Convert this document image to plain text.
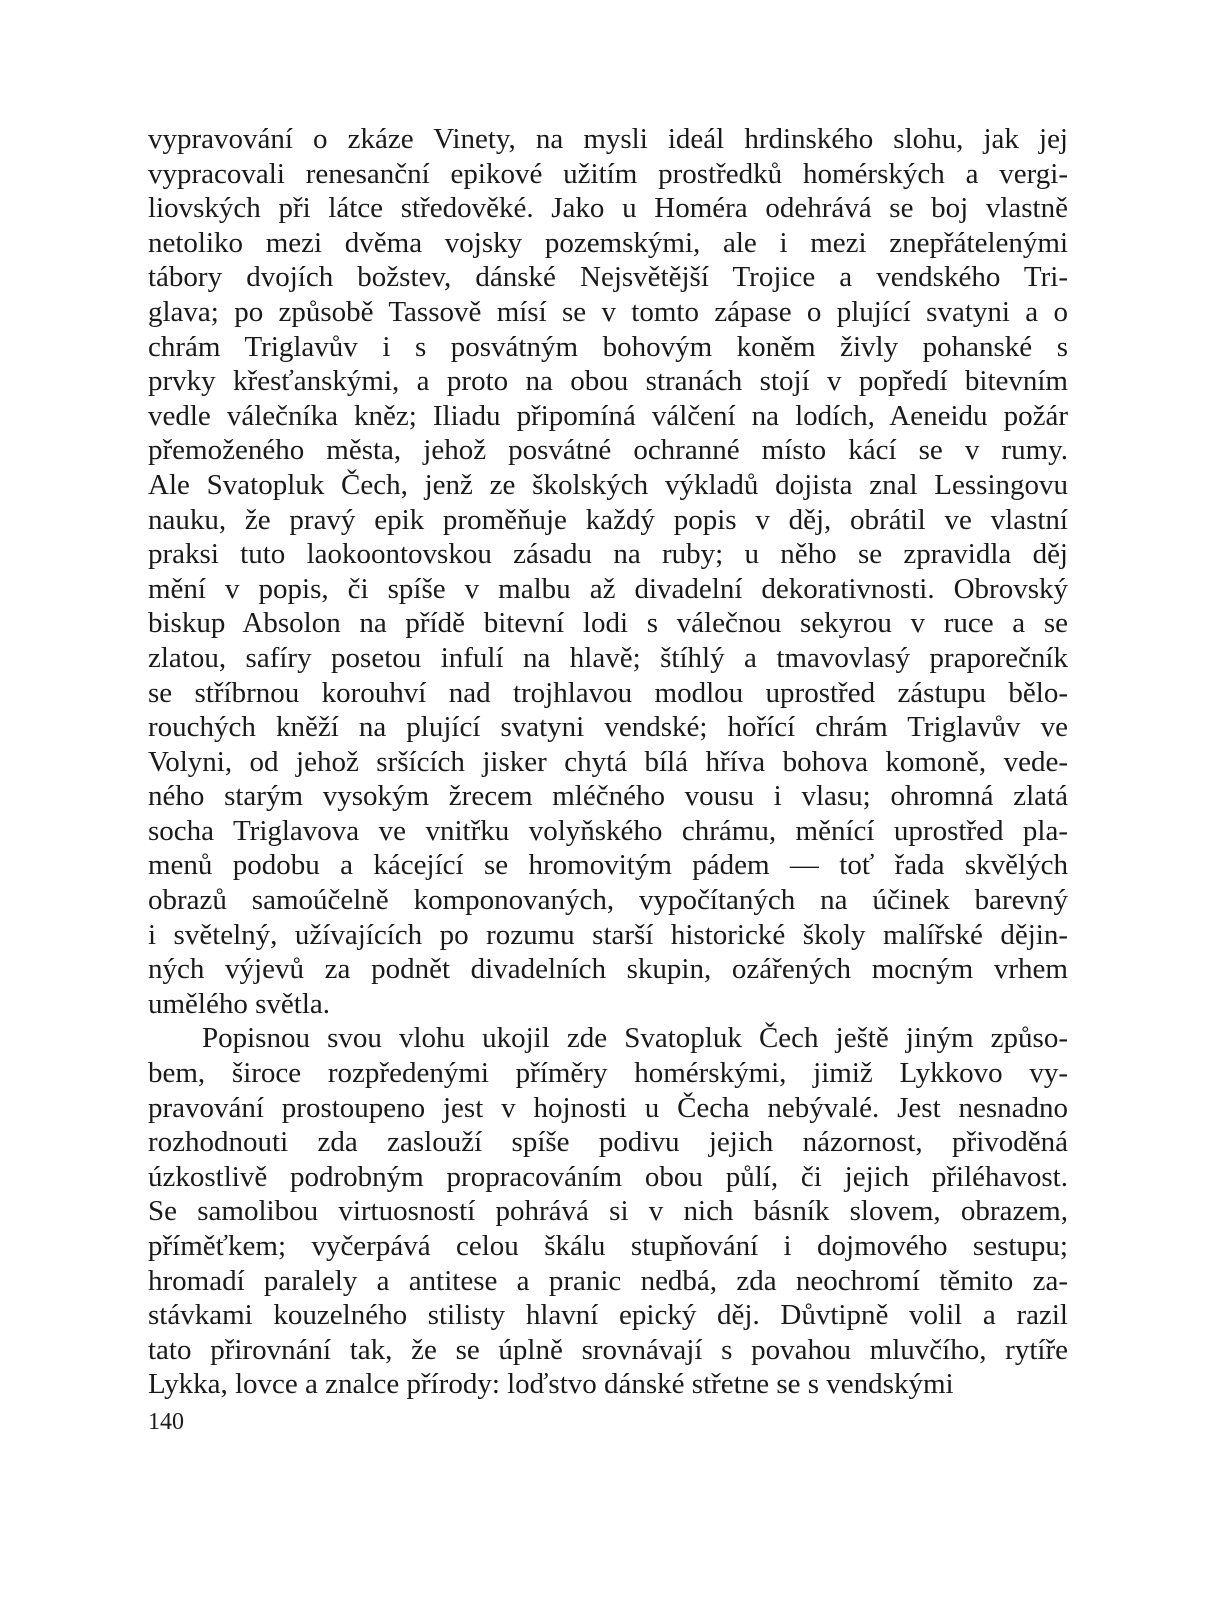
vypravování o zkáze Vinety, na mysli ideál hrdinského slohu, jak jej
vypracovali renesanční epikové užitím prostředků homérských a vergi-
liovských při látce středověké. Jako u Homéra odehrává se boj vlastně
netoliko mezi dvěma vojsky pozemskými, ale i mezi znepřátelenými
tábory dvojích božstev, dánské Nejsvětější Trojice a vendského Tri-
glava; po způsobě Tassově mísí se v tomto zápase o plující svatyni a o
chrám Triglavův i s posvátným bohovým koněm živly pohanské s
prvky křesťanskými, a proto na obou stranách stojí v popředí bitevním
vedle válečníka kněz; Iliadu připomíná válčení na lodích, Aeneidu požár
přemoženého města, jehož posvátné ochranné místo kácí se v rumy.
Ale Svatopluk Čech, jenž ze školských výkladů dojista znal Lessingovu
nauku, že pravý epik proměňuje každý popis v děj, obrátil ve vlastní
praksi tuto laokoontovskou zásadu na ruby; u něho se zpravidla děj
mění v popis, či spíše v malbu až divadelní dekorativnosti. Obrovský
biskup Absolon na přídě bitevní lodi s válečnou sekyrou v ruce a se
zlatou, safíry posetou infulí na hlavě; štíhlý a tmavovlasý praporečník
se stříbrnou korouhví nad trojhlavou modlou uprostřed zástupu bělo-
rouchých kněží na plující svatyni vendské; hořící chrám Triglavův ve
Volyni, od jehož sršících jisker chytá bílá hříva bohova komoně, vede-
ného starým vysokým žrecem mléčného vousu i vlasu; ohromná zlatá
socha Triglavova ve vnitřku volyňského chrámu, měnící uprostřed pla-
menů podobu a kácející se hromovitým pádem — toť řada skvělých
obrazů samoúčelně komponovaných, vypočítaných na účinek barevný
i světelný, užívajících po rozumu starší historické školy malířské dějin-
ných výjevů za podnět divadelních skupin, ozářených mocným vrhem
umělého světla.
Popisnou svou vlohu ukojil zde Svatopluk Čech ještě jiným způso-
bem, široce rozpředenými příměry homérskými, jimiž Lykkovo vy-
pravování prostoupeno jest v hojnosti u Čecha nebývalé. Jest nesnadno
rozhodnouti zda zaslouží spíše podivu jejich názornost, přivoděná
úzkostlivě podrobným propracováním obou půlí, či jejich přiléhavost.
Se samolibou virtuosností pohrává si v nich básník slovem, obrazem,
příměťkem; vyčerpává celou škálu stupňování i dojmového sestupu;
hromadí paralely a antitese a pranic nedbá, zda neochromí těmito za-
stávkami kouzelného stilisty hlavní epický děj. Důvtipně volil a razil
tato přirovnání tak, že se úplně srovnávají s povahou mluvčího, rytíře
Lykka, lovce a znalce přírody: loďstvo dánské střetne se s vendskými
140
